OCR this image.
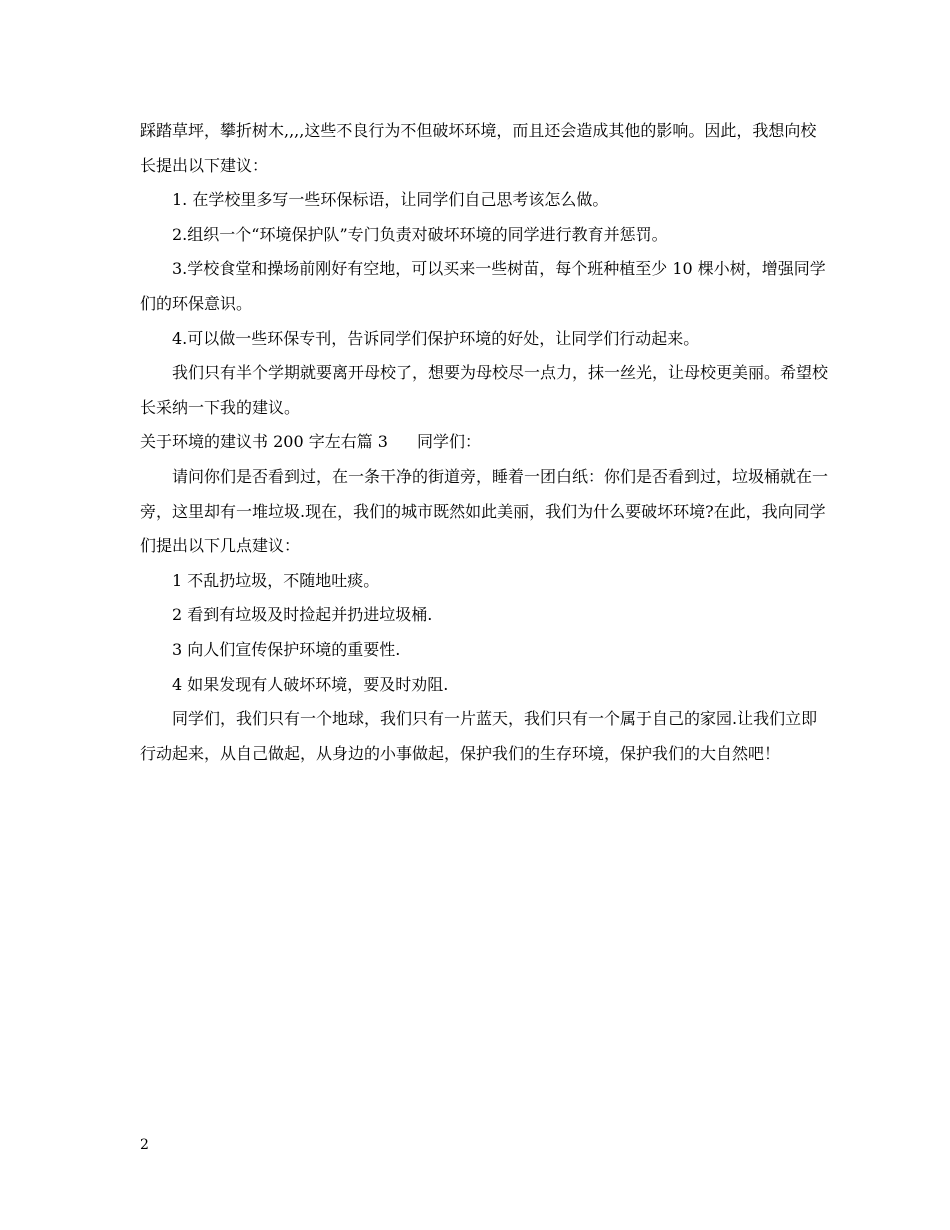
踩踏草坪，攀折树木,,,,这些不良行为不但破坏环境，而且还会造成其他的影响。因此，我想向校长提出以下建议：

1. 在学校里多写一些环保标语，让同学们自己思考该怎么做。

2.组织一个“环境保护队”专门负责对破坏环境的同学进行教育并惩罚。

3.学校食堂和操场前刚好有空地，可以买来一些树苗，每个班种植至少 10 棵小树，增强同学们的环保意识。

4.可以做一些环保专刊，告诉同学们保护环境的好处，让同学们行动起来。

我们只有半个学期就要离开母校了，想要为母校尽一点力，抹一丝光，让母校更美丽。希望校长采纳一下我的建议。

关于环境的建议书 200 字左右篇 3 同学们：

请问你们是否看到过，在一条干净的街道旁，睡着一团白纸：你们是否看到过，垃圾桶就在一旁，这里却有一堆垃圾.现在，我们的城市既然如此美丽，我们为什么要破坏环境?在此，我向同学们提出以下几点建议：

1 不乱扔垃圾，不随地吐痰。

2 看到有垃圾及时捡起并扔进垃圾桶.

3 向人们宣传保护环境的重要性.

4 如果发现有人破坏环境，要及时劝阻.

同学们，我们只有一个地球，我们只有一片蓝天，我们只有一个属于自己的家园.让我们立即行动起来，从自己做起，从身边的小事做起，保护我们的生存环境，保护我们的大自然吧！

2
